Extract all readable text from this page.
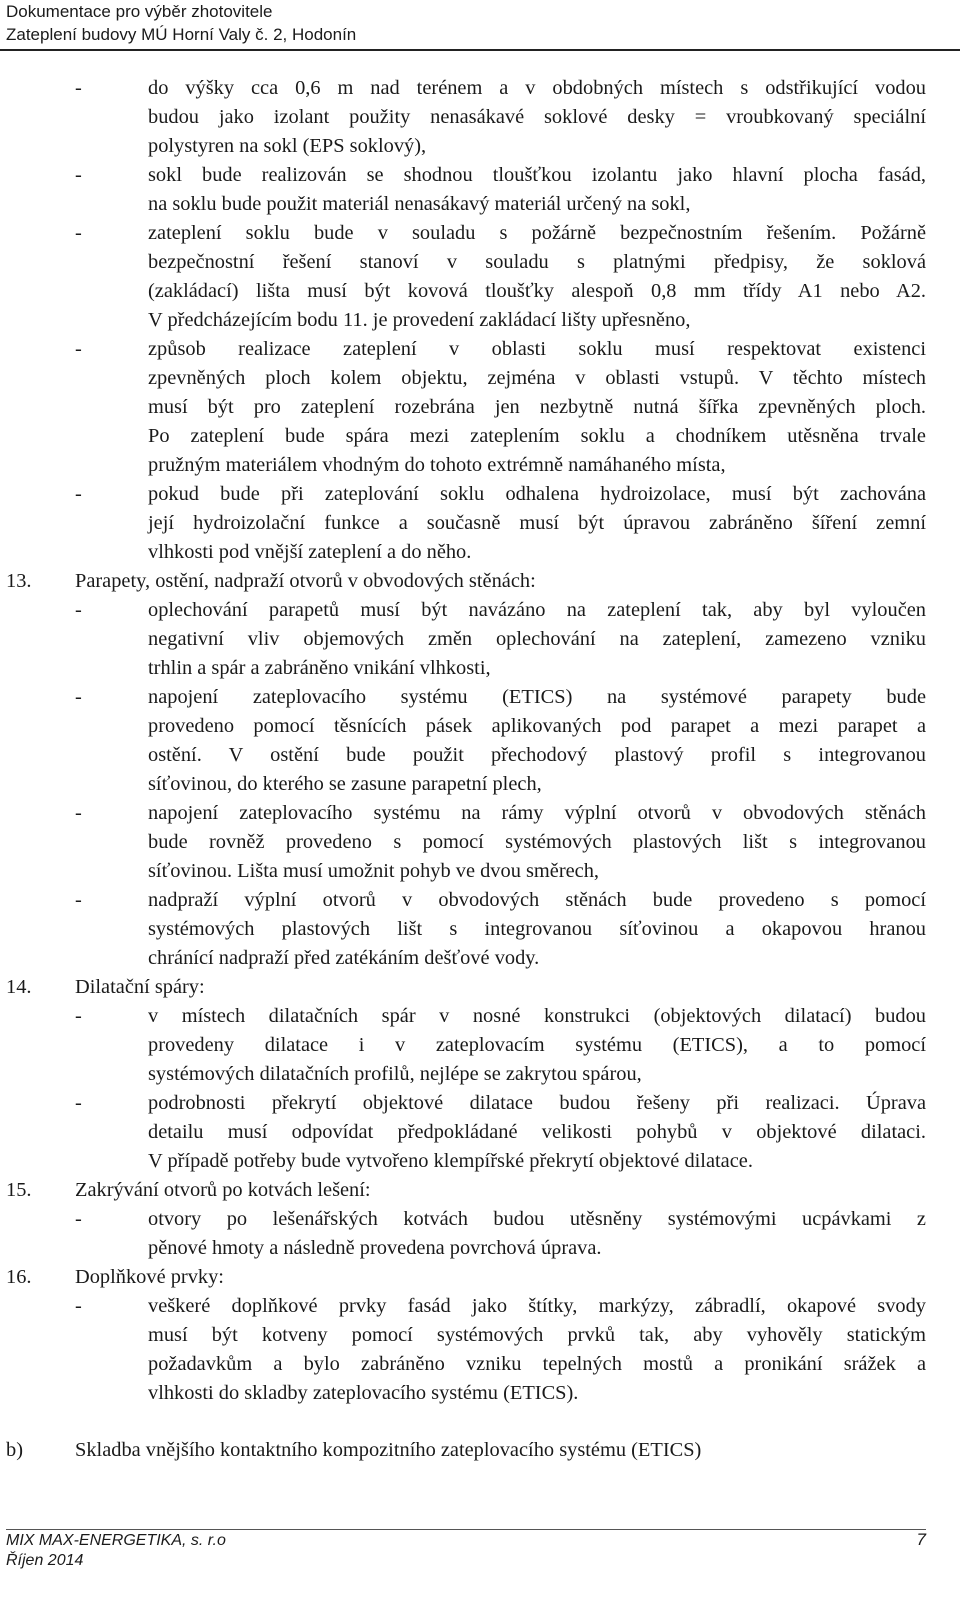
Dokumentace pro výběr zhotovitele
Zateplení budovy MÚ Horní Valy č. 2, Hodonín
-	do výšky cca 0,6 m nad terénem a v obdobných místech s odstřikující vodou
budou jako izolant použity nenasákavé soklové desky = vroubkovaný speciální
polystyren na sokl (EPS soklový),
-	sokl bude realizován se shodnou tloušťkou izolantu jako hlavní plocha fasád,
na soklu bude použit materiál nenasákavý materiál určený na sokl,
-	zateplení soklu bude v souladu s požárně bezpečnostním řešením. Požárně
bezpečnostní řešení stanoví v souladu s platnými předpisy, že soklová
(zakládací) lišta musí být kovová tloušťky alespoň 0,8 mm třídy A1 nebo A2.
V předcházejícím bodu 11. je provedení zakládací lišty upřesněno,
-	způsob realizace zateplení v oblasti soklu musí respektovat existenci
zpevněných ploch kolem objektu, zejména v oblasti vstupů. V těchto místech
musí být pro zateplení rozebrána jen nezbytně nutná šířka zpevněných ploch.
Po zateplení bude spára mezi zateplením soklu a chodníkem utěsněna trvale
pružným materiálem vhodným do tohoto extrémně namáhaného místa,
-	pokud bude při zateplování soklu odhalena hydroizolace, musí být zachována
její hydroizolační funkce a současně musí být úpravou zabráněno šíření zemní
vlhkosti pod vnější zateplení a do něho.
13. Parapety, ostění, nadpraží otvorů v obvodových stěnách:
-	oplechování parapetů musí být navázáno na zateplení tak, aby byl vyloučen
negativní vliv objemových změn oplechování na zateplení, zamezeno vzniku
trhlin a spár a zabráněno vnikání vlhkosti,
-	napojení zateplovacího systému (ETICS) na systémové parapety bude
provedeno pomocí těsnících pásek aplikovaných pod parapet a mezi parapet a
ostění. V ostění bude použit přechodový plastový profil s integrovanou
síťovinou, do kterého se zasune parapetní plech,
-	napojení zateplovacího systému na rámy výplní otvorů v obvodových stěnách
bude rovněž provedeno s pomocí systémových plastových lišt s integrovanou
síťovinou. Lišta musí umožnit pohyb ve dvou směrech,
-	nadpraží výplní otvorů v obvodových stěnách bude provedeno s pomocí
systémových plastových lišt s integrovanou síťovinou a okapovou hranou
chránící nadpraží před zatékáním dešťové vody.
14. Dilatační spáry:
-	v místech dilatačních spár v nosné konstrukci (objektových dilatací) budou
provedeny dilatace i v zateplovacím systému (ETICS), a to pomocí
systémových dilatačních profilů, nejlépe se zakrytou spárou,
-	podrobnosti překrytí objektové dilatace budou řešeny při realizaci. Úprava
detailu musí odpovídat předpokládané velikosti pohybů v objektové dilataci.
V případě potřeby bude vytvořeno klempířské překrytí objektové dilatace.
15. Zakrývání otvorů po kotvách lešení:
-	otvory po lešenářských kotvách budou utěsněny systémovými ucpávkami z
pěnové hmoty a následně provedena povrchová úprava.
16. Doplňkové prvky:
-	veškeré doplňkové prvky fasád jako štítky, markýzy, zábradlí, okapové svody
musí být kotveny pomocí systémových prvků tak, aby vyhověly statickým
požadavkům a bylo zabráněno vzniku tepelných mostů a pronikání srážek a
vlhkosti do skladby zateplovacího systému (ETICS).
b)	Skladba vnějšího kontaktního kompozitního zateplovacího systému (ETICS)
MIX MAX-ENERGETIKA, s. r.o
Říjen 2014
7
